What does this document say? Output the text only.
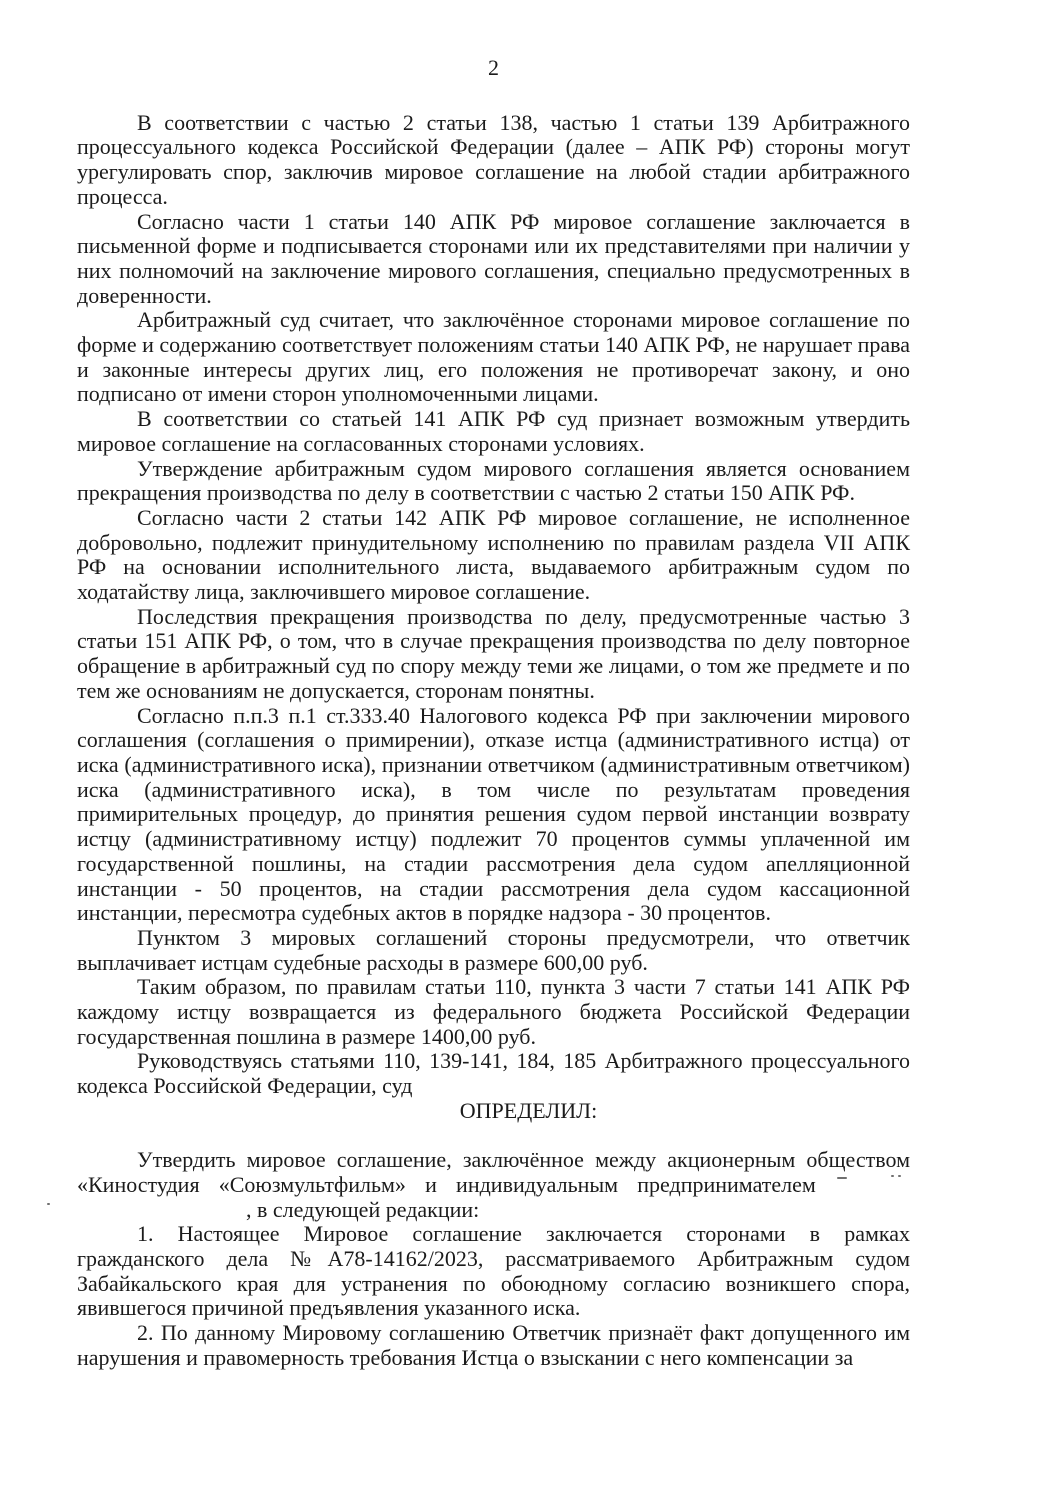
2

В соответствии с частью 2 статьи 138, частью 1 статьи 139 Арбитражного процессуального кодекса Российской Федерации (далее – АПК РФ) стороны могут урегулировать спор, заключив мировое соглашение на любой стадии арбитражного процесса.

Согласно части 1 статьи 140 АПК РФ мировое соглашение заключается в письменной форме и подписывается сторонами или их представителями при наличии у них полномочий на заключение мирового соглашения, специально предусмотренных в доверенности.

Арбитражный суд считает, что заключённое сторонами мировое соглашение по форме и содержанию соответствует положениям статьи 140 АПК РФ, не нарушает права и законные интересы других лиц, его положения не противоречат закону, и оно подписано от имени сторон уполномоченными лицами.

В соответствии со статьей 141 АПК РФ суд признает возможным утвердить мировое соглашение на согласованных сторонами условиях.

Утверждение арбитражным судом мирового соглашения является основанием прекращения производства по делу в соответствии с частью 2 статьи 150 АПК РФ.

Согласно части 2 статьи 142 АПК РФ мировое соглашение, не исполненное добровольно, подлежит принудительному исполнению по правилам раздела VII АПК РФ на основании исполнительного листа, выдаваемого арбитражным судом по ходатайству лица, заключившего мировое соглашение.

Последствия прекращения производства по делу, предусмотренные частью 3 статьи 151 АПК РФ, о том, что в случае прекращения производства по делу повторное обращение в арбитражный суд по спору между теми же лицами, о том же предмете и по тем же основаниям не допускается, сторонам понятны.

Согласно п.п.3 п.1 ст.333.40 Налогового кодекса РФ при заключении мирового соглашения (соглашения о примирении), отказе истца (административного истца) от иска (административного иска), признании ответчиком (административным ответчиком) иска (административного иска), в том числе по результатам проведения примирительных процедур, до принятия решения судом первой инстанции возврату истцу (административному истцу) подлежит 70 процентов суммы уплаченной им государственной пошлины, на стадии рассмотрения дела судом апелляционной инстанции - 50 процентов, на стадии рассмотрения дела судом кассационной инстанции, пересмотра судебных актов в порядке надзора - 30 процентов.

Пунктом 3 мировых соглашений стороны предусмотрели, что ответчик выплачивает истцам судебные расходы в размере 600,00 руб.

Таким образом, по правилам статьи 110, пункта 3 части 7 статьи 141 АПК РФ каждому истцу возвращается из федерального бюджета Российской Федерации государственная пошлина в размере 1400,00 руб.

Руководствуясь статьями 110, 139-141, 184, 185 Арбитражного процессуального кодекса Российской Федерации, суд

ОПРЕДЕЛИЛ:

Утвердить мировое соглашение, заключённое между акционерным обществом

«Киностудия «Союзмультфильм» и индивидуальным предпринимателем

, в следующей редакции:

1. Настоящее Мировое соглашение заключается сторонами в рамках гражданского дела №А78-14162/2023, рассматриваемого Арбитражным судом Забайкальского края для устранения по обоюдному согласию возникшего спора, явившегося причиной предъявления указанного иска.

2. По данному Мировому соглашению Ответчик признаёт факт допущенного им нарушения и правомерность требования Истца о взыскании с него компенсации за
